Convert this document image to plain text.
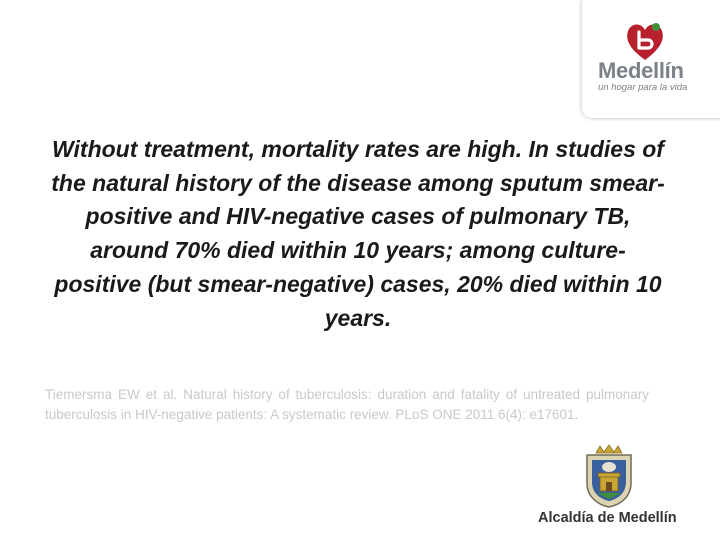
Medellín
un hogar para la vida

Without treatment, mortality rates are high. In studies of the natural history of the disease among sputum smear-positive and HIV-negative cases of pulmonary TB, around 70% died within 10 years; among culture-positive (but smear-negative) cases, 20% died within 10 years.

Tiemersma EW et al. Natural history of tuberculosis: duration and fatality of untreated pulmonary tuberculosis in HIV-negative patients: A systematic review. PLoS ONE 2011 6(4): e17601.

Alcaldía de Medellín
